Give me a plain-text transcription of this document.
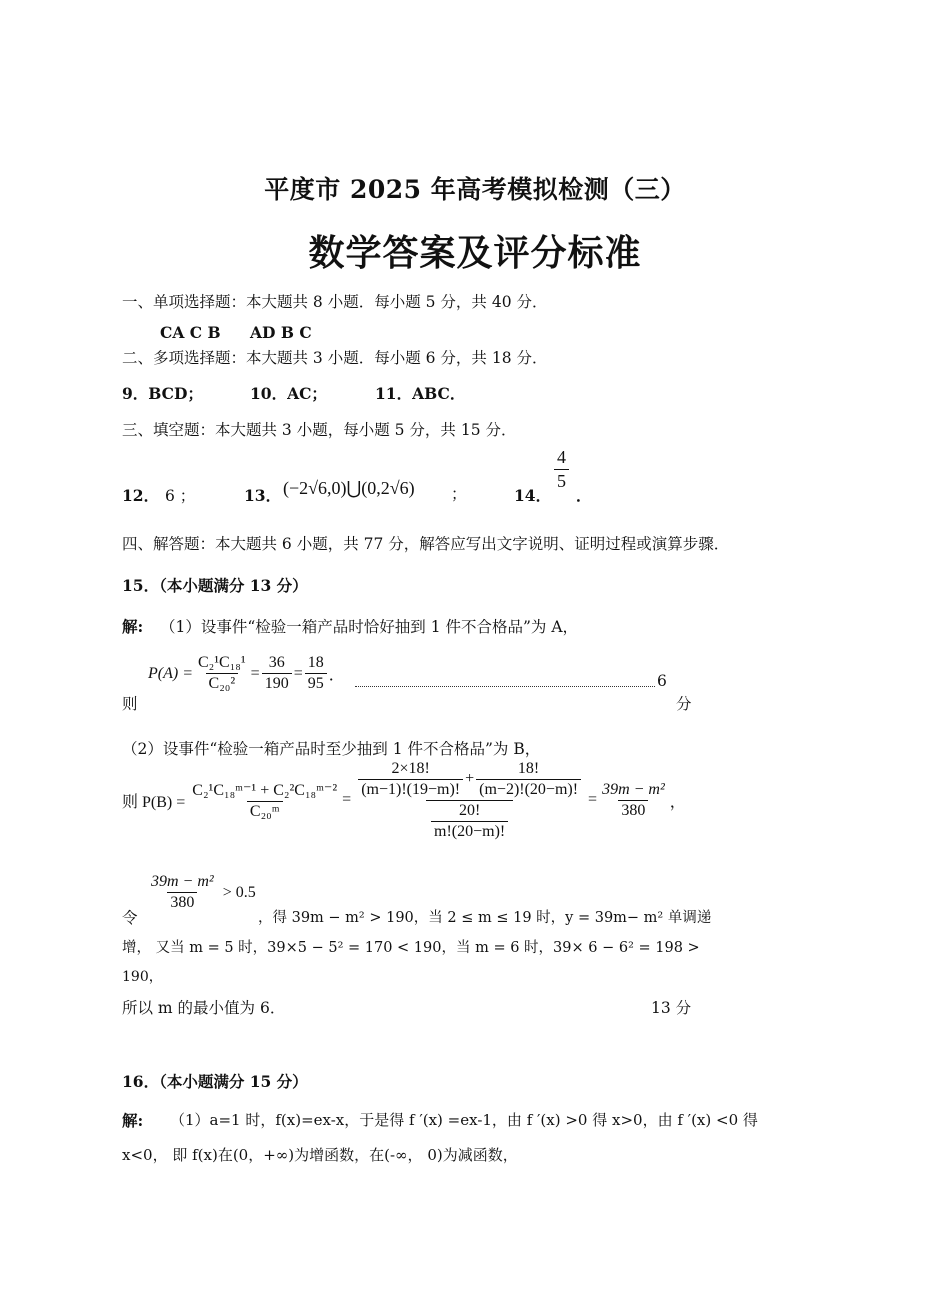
平度市 2025 年高考模拟检测（三）
数学答案及评分标准
一、单项选择题：本大题共 8 小题．每小题 5 分，共 40 分．
CA C B AD B C
二、多项选择题：本大题共 3 小题．每小题 6 分，共 18 分．
9．BCD；	10．AC；	11．ABC．
三、填空题：本大题共 3 小题，每小题 5 分，共 15 分．
12． 6 ；	13． (−2√6,0)⋃(0,2√6) ；	14．
$\frac{4}{5}$
．
四、解答题：本大题共 6 小题，共 77 分，解答应写出文字说明、证明过程或演算步骤．
15．（本小题满分 13 分）
解: （1）设事件“检验一箱产品时恰好抽到 1 件不合格品”为 A，
则
$P(A) = \frac{\text{C₂¹C₁₈¹}}{\text{C₂₀²}} = \frac{36}{190} = \frac{18}{95}$ ．	6
分
（2）设事件“检验一箱产品时至少抽到 1 件不合格品”为 B，
则 $P(B) = \frac{\text{C₂¹C₁₈ᵐ⁻¹ + C₂²C₁₈ᵐ⁻²}}{\text{C₂₀ᵐ}} = \frac{\frac{2\times 18!}{(m-1)!(19-m)!} + \frac{18!}{(m-2)!(20-m)!}}{\frac{20!}{m!(20-m)!}} = \frac{\text{39m − m²}}{380}$ ，
令
$\frac{\text{39m − m²}}{380} > 0.5$
，得 39m − m² > 190，当 2 ≤ m ≤ 19 时，y = 39m− m² 单调递
增， 又当 m = 5 时，39×5 − 5² = 170 < 190，当 m = 6 时，39× 6 − 6² = 198 >
190，
所以 m 的最小值为 6．	13 分
16．（本小题满分 15 分）
解: （1）a=1 时，f(x)=ex-x，于是得 f ′(x) =ex-1，由 f ′(x) >0 得 x>0，由 f ′(x) <0 得
x<0， 即 f(x)在(0，+∞)为增函数，在(-∞， 0)为减函数，
